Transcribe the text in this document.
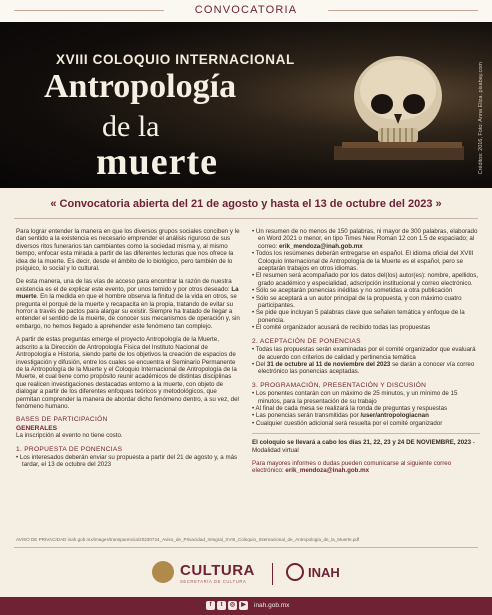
CONVOCATORIA
XVIII COLOQUIO INTERNACIONAL
Antropología
de la
muerte	Créditos: 2016, Foto: Anna Eliza. pixabay.com
« Convocatoria abierta del 21 de agosto y hasta el 13 de octubre del 2023 »

Para lograr entender la manera en que los diversos grupos sociales conciben y le dan sentido a la existencia es necesario emprender el análisis riguroso de sus diversos ritos funerarios tan cambiantes como la sociedad misma y, al mismo tiempo, enfocar esta mirada a partir de las diferentes lecturas que nos ofrece la idea de la muerte. Es decir, desde el ámbito de lo biológico, pero también de lo psíquico, lo social y lo cultural.

De esta manera, una de las vías de acceso para encontrar la razón de nuestra existencia es el de explicar este evento, por unos temido y por otros deseado: La muerte. En la medida en que el hombre observa la finitud de la vida en otros, se pregunta el porqué de la muerte y recapacita en la propia, tratando de evitar su horror a través de pactos para alargar su existir. Siempre ha tratado de llegar a entender el sentido de la muerte, de conocer sus mecanismos de operación y, sin embargo, no hemos llegado a aprehender este fenómeno tan complejo.

A partir de estas preguntas emerge el proyecto Antropología de la Muerte, adscrito a la Dirección de Antropología Física del Instituto Nacional de Antropología e Historia, siendo parte de los objetivos la creación de espacios de investigación y difusión, entre los cuales se encuentra el Seminario Permanente de la Antropología de la Muerte y el Coloquio Internacional de Antropología de la Muerte, el cual tiene como propósito reunir académicos de distintas disciplinas que realicen investigaciones destacadas entorno a la muerte, con objeto de dialogar a partir de los diferentes enfoques teóricos y metodológicos, que permitan comprender la manera de abordar dicho fenómeno dentro, a su vez, del fenómeno humano.

BASES DE PARTICIPACIÓN
GENERALES

La inscripción al evento no tiene costo.

1. PROPUESTA DE PONENCIAS

• Los interesados deberán enviar su propuesta a partir del 21 de agosto y, a más tardar, el 13 de octubre del 2023

• Un resumen de no menos de 150 palabras, ni mayor de 300 palabras, elaborado en Word 2021 o menor, en tipo Times New Roman 12 con 1.5 de espaciado; al correo: erik_mendoza@inah.gob.mx
• Todos los resúmenes deberán entregarse en español. El idioma oficial del XVIII Coloquio Internacional de Antropología de la Muerte es el español, pero se aceptarán trabajos en otros idiomas.
• El resumen será acompañado por los datos del(los) autor(es): nombre, apellidos, grado académico y especialidad, adscripción institucional y correo electrónico.
• Sólo se aceptarán ponencias inéditas y no sometidas a otra publicación
• Sólo se aceptará a un autor principal de la propuesta, y con máximo cuatro participantes.
• Se pide que incluyan 5 palabras clave que señalen temática y enfoque de la ponencia.
• El comité organizador acusará de recibido todas las propuestas
2. ACEPTACIÓN DE PONENCIAS
• Todas las propuestas serán examinadas por el comité organizador que evaluará de acuerdo con criterios de calidad y pertinencia temática
• Del 31 de octubre al 11 de noviembre del 2023 se darán a conocer vía correo electrónico las ponencias aceptadas.
3. PROGRAMACIÓN, PRESENTACIÓN Y DISCUSIÓN
• Los ponentes contarán con un máximo de 25 minutos, y un mínimo de 15 minutos, para la presentación de su trabajo
• Al final de cada mesa se realizará la ronda de preguntas y respuestas
• Las ponencias serán transmitidas por /user/antropologiacnan
• Cualquier cuestión adicional será resuelta por el comité organizador
El coloquio se llevará a cabo los días 21, 22, 23 y 24 DE NOVIEMBRE, 2023 - Modalidad virtual
Para mayores informes o dudas pueden comunicarse al siguiente correo electrónico: erik_mendoza@inah.gob.mx
AVISO DE PRIVACIDAD inah.gob.mx/images/transparencia/20230724_Aviso_de_Privacidad_Integral_XVIII_Coloquio_Internacional_de_Antropologia_de_la_Muerte.pdf
CULTURA
SECRETARÍA DE CULTURA
INAH
f	t	◎	▶	inah.gob.mx
